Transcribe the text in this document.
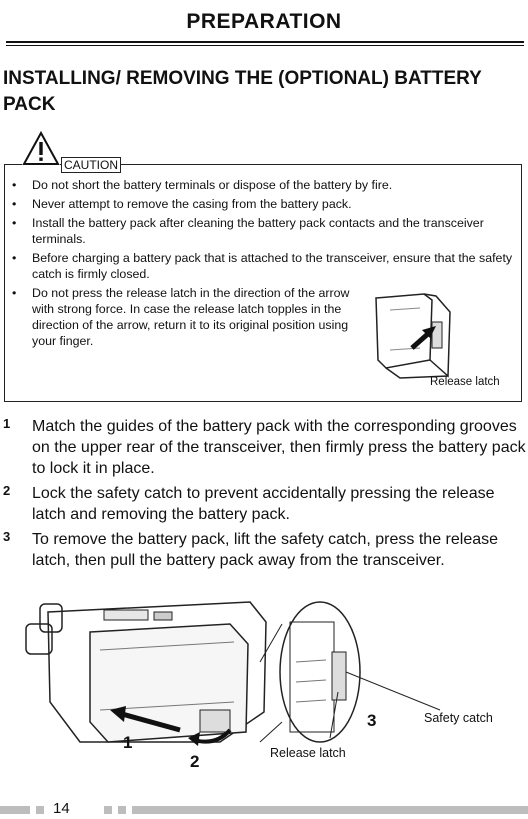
PREPARATION
INSTALLING/ REMOVING THE (OPTIONAL) BATTERY PACK
CAUTION
• Do not short the battery terminals or dispose of the battery by fire.
• Never attempt to remove the casing from the battery pack.
• Install the battery pack after cleaning the battery pack contacts and the transceiver terminals.
• Before charging a battery pack that is attached to the transceiver, ensure that the safety catch is firmly closed.
• Do not press the release latch in the direction of the arrow with strong force. In case the release latch topples in the direction of the arrow, return it to its original position using your finger.
Release latch
1 Match the guides of the battery pack with the corresponding grooves on the upper rear of the transceiver, then firmly press the battery pack to lock it in place.
2 Lock the safety catch to prevent accidentally pressing the release latch and removing the battery pack.
3 To remove the battery pack, lift the safety catch, press the release latch, then pull the battery pack away from the transceiver.
Safety catch
Release latch
1
2
3
14
